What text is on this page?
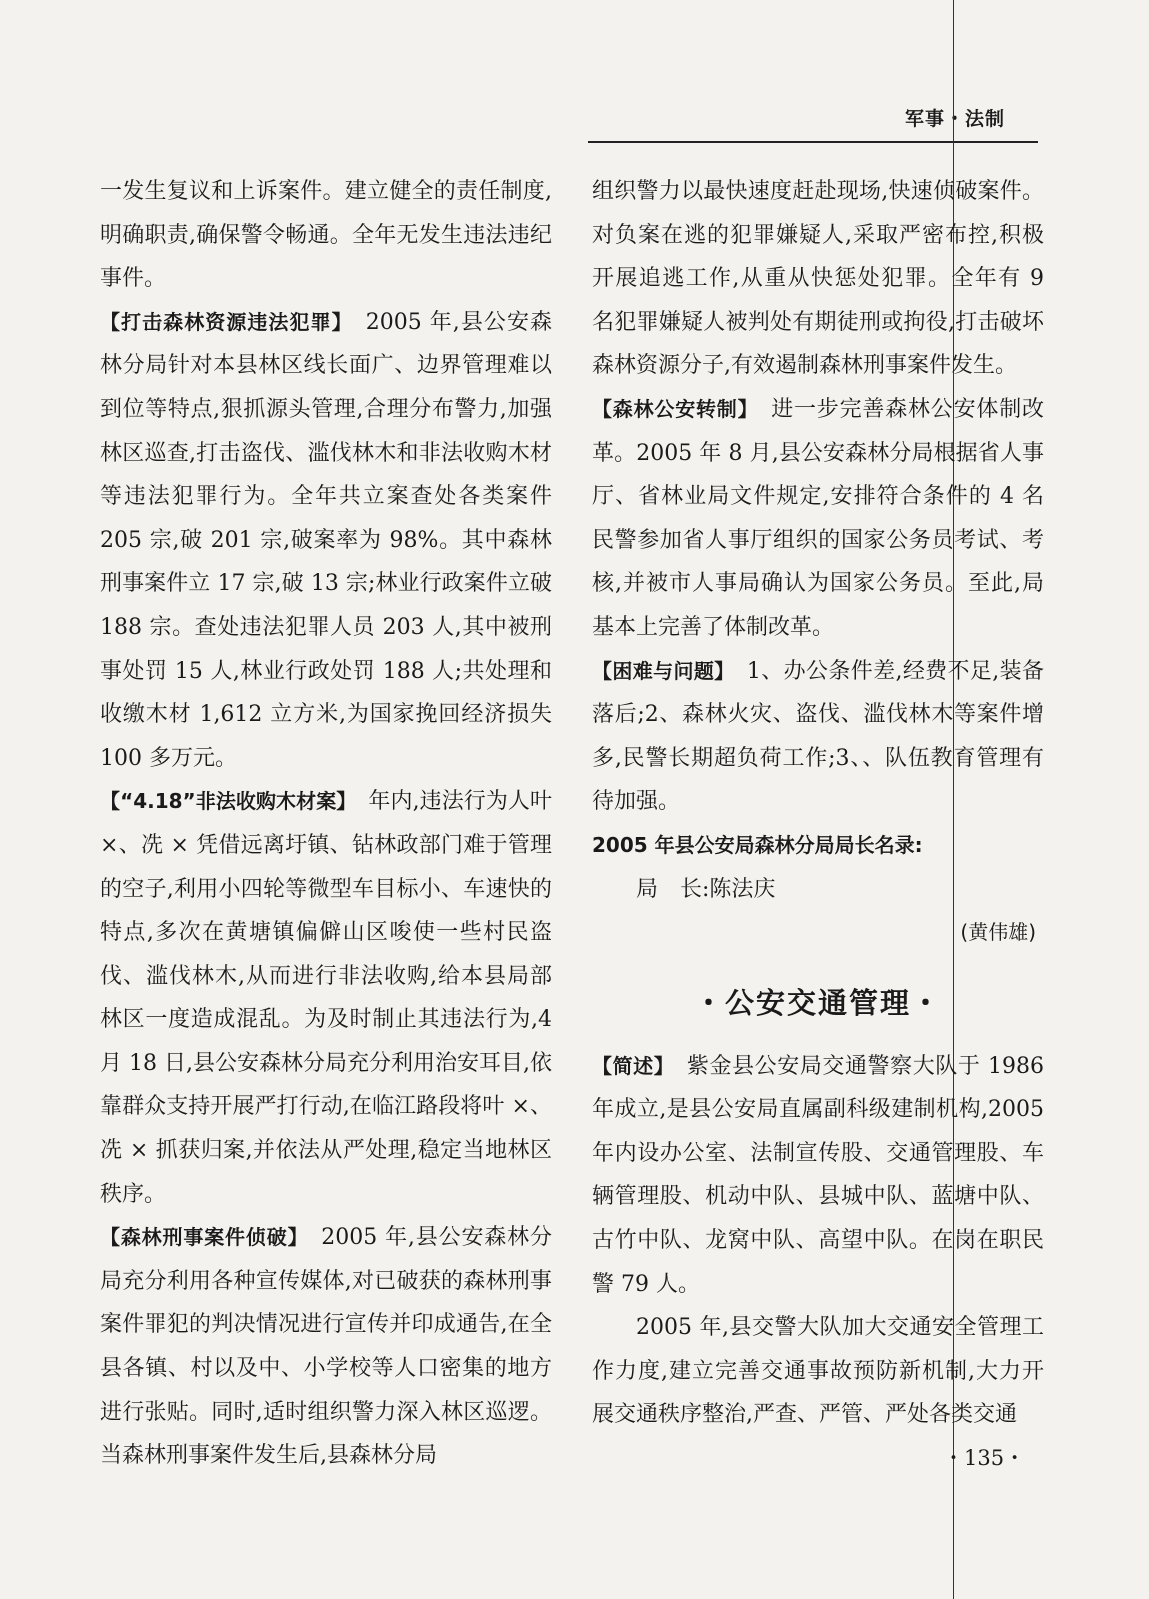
军事・法制

一发生复议和上诉案件。建立健全的责任制度,明确职责,确保警令畅通。全年无发生违法违纪事件。

【打击森林资源违法犯罪】　 2005 年,县公安森林分局针对本县林区线长面广、边界管理难以到位等特点,狠抓源头管理,合理分布警力,加强林区巡查,打击盗伐、滥伐林木和非法收购木材等违法犯罪行为。全年共立案查处各类案件 205 宗,破 201 宗,破案率为 98%。其中森林刑事案件立 17 宗,破 13 宗;林业行政案件立破 188 宗。查处违法犯罪人员 203 人,其中被刑事处罚 15 人,林业行政处罚 188 人;共处理和收缴木材 1,612 立方米,为国家挽回经济损失 100 多万元。

【“4.18”非法收购木材案】　 年内,违法行为人叶 ×、冼 × 凭借远离圩镇、钻林政部门难于管理的空子,利用小四轮等微型车目标小、车速快的特点,多次在黄塘镇偏僻山区唆使一些村民盗伐、滥伐林木,从而进行非法收购,给本县局部林区一度造成混乱。为及时制止其违法行为,4 月 18 日,县公安森林分局充分利用治安耳目,依靠群众支持开展严打行动,在临江路段将叶 ×、冼 × 抓获归案,并依法从严处理,稳定当地林区秩序。

【森林刑事案件侦破】　 2005 年,县公安森林分局充分利用各种宣传媒体,对已破获的森林刑事案件罪犯的判决情况进行宣传并印成通告,在全县各镇、村以及中、小学校等人口密集的地方进行张贴。同时,适时组织警力深入林区巡逻。当森林刑事案件发生后,县森林分局

组织警力以最快速度赶赴现场,快速侦破案件。对负案在逃的犯罪嫌疑人,采取严密布控,积极开展追逃工作,从重从快惩处犯罪。全年有 9 名犯罪嫌疑人被判处有期徒刑或拘役,打击破坏森林资源分子,有效遏制森林刑事案件发生。

【森林公安转制】　 进一步完善森林公安体制改革。2005 年 8 月,县公安森林分局根据省人事厅、省林业局文件规定,安排符合条件的 4 名民警参加省人事厅组织的国家公务员考试、考核,并被市人事局确认为国家公务员。至此,局基本上完善了体制改革。

【困难与问题】　 1、办公条件差,经费不足,装备落后;2、森林火灾、盗伐、滥伐林木等案件增多,民警长期超负荷工作;3、、队伍教育管理有待加强。

2005 年县公安局森林分局局长名录:

局　长:陈法庆

(黄伟雄)

・公安交通管理・

【简述】　 紫金县公安局交通警察大队于 1986 年成立,是县公安局直属副科级建制机构,2005 年内设办公室、法制宣传股、交通管理股、车辆管理股、机动中队、县城中队、蓝塘中队、古竹中队、龙窝中队、高望中队。在岗在职民警 79 人。

2005 年,县交警大队加大交通安全管理工作力度,建立完善交通事故预防新机制,大力开展交通秩序整治,严查、严管、严处各类交通

・135・
